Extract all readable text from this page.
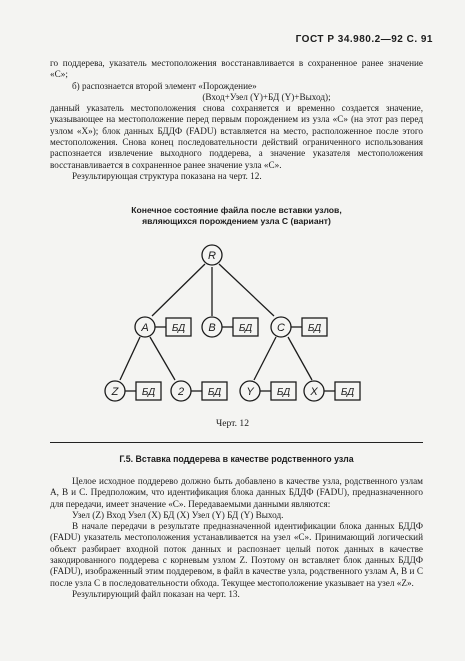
ГОСТ Р 34.980.2—92 С. 91

го поддерева, указатель местоположения восстанавливается в сохраненное ранее значение «С»;

б) распознается второй элемент «Порождение»

(Вход+Узел (Y)+БД (Y)+Выход);

данный указатель местоположения снова сохраняется и временно создается значение, указывающее на местоположение перед первым порождением из узла «С» (на этот раз перед узлом «X»); блок данных БДДФ (FADU) вставляется на место, расположенное после этого местоположения. Снова конец последовательности действий ограниченного использования распознается извлечение выходного поддерева, а значение указателя местоположения восстанавливается в сохраненное ранее значение узла «С».

Результирующая структура показана на черт. 12.

Конечное состояние файла после вставки узлов,
являющихся порождением узла С (вариант)
R
A	B	C
Z	2	Y	X
БД	БД	БД
БД	БД	БД	БД
Черт. 12
Г.5. Вставка поддерева в качестве родственного узла

Целое исходное поддерево должно быть добавлено в качестве узла, родственного узлам А, В и С. Предположим, что идентификация блока данных БДДФ (FADU), предназначенного для передачи, имеет значение «С». Передаваемыми данными являются:

Узел (Z) Вход Узел (X) БД (X) Узел (Y) БД (Y) Выход.

В начале передачи в результате предназначенной идентификации блока данных БДДФ (FADU) указатель местоположения устанавливается на узел «С». Принимающий логический объект разбирает входной поток данных и распознает целый поток данных в качестве закодированного поддерева с корневым узлом Z. Поэтому он вставляет блок данных БДДФ (FADU), изображенный этим поддеревом, в файл в качестве узла, родственного узлам А, В и С после узла С в последовательности обхода. Текущее местоположение указывает на узел «Z».

Результирующий файл показан на черт. 13.
